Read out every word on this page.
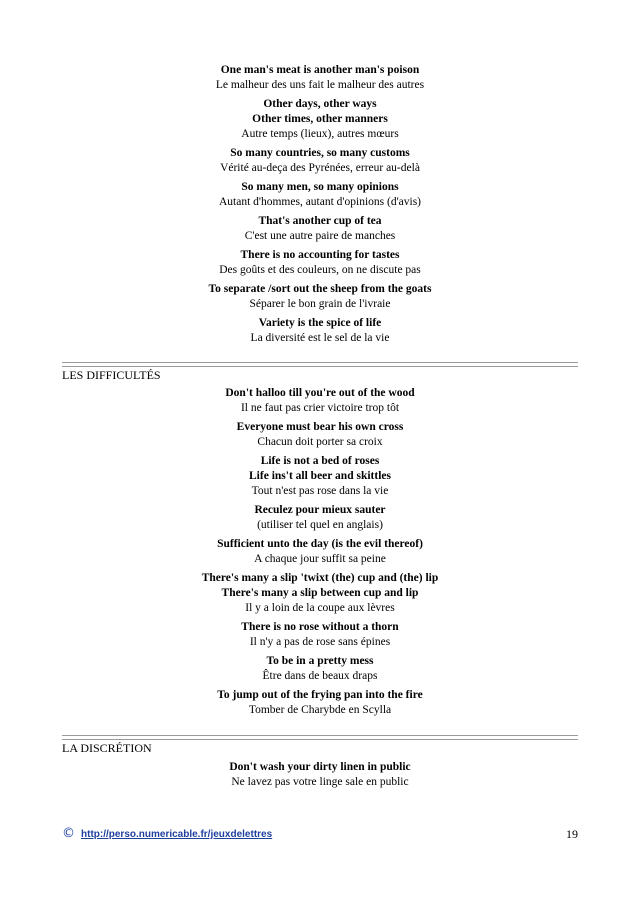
One man's meat is another man's poison
Le malheur des uns fait le malheur des autres
Other days, other ways
Other times, other manners
Autre temps (lieux), autres mœurs
So many countries, so many customs
Vérité au-deça des Pyrénées, erreur au-delà
So many men, so many opinions
Autant d'hommes, autant d'opinions (d'avis)
That's another cup of tea
C'est une autre paire de manches
There is no accounting for tastes
Des goûts et des couleurs, on ne discute pas
To separate /sort out the sheep from the goats
Séparer le bon grain de l'ivraie
Variety is the spice of life
La diversité est le sel de la vie
LES DIFFICULTÉS
Don't halloo till you're out of the wood
Il ne faut pas crier victoire trop tôt
Everyone must bear his own cross
Chacun doit porter sa croix
Life is not a bed of roses
Life ins't all beer and skittles
Tout n'est pas rose dans la vie
Reculez pour mieux sauter
(utiliser tel quel en anglais)
Sufficient unto the day (is the evil thereof)
A chaque jour suffit sa peine
There's many a slip 'twixt (the) cup and (the) lip
There's many a slip between cup and lip
Il y a loin de la coupe aux lèvres
There is no rose without a thorn
Il n'y a pas de rose sans épines
To be in a pretty mess
Être dans de beaux draps
To jump out of the frying pan into the fire
Tomber de Charybde en Scylla
LA DISCRÉTION
Don't wash your dirty linen in public
Ne lavez pas votre linge sale en public
© http://perso.numericable.fr/jeuxdelettres	19
